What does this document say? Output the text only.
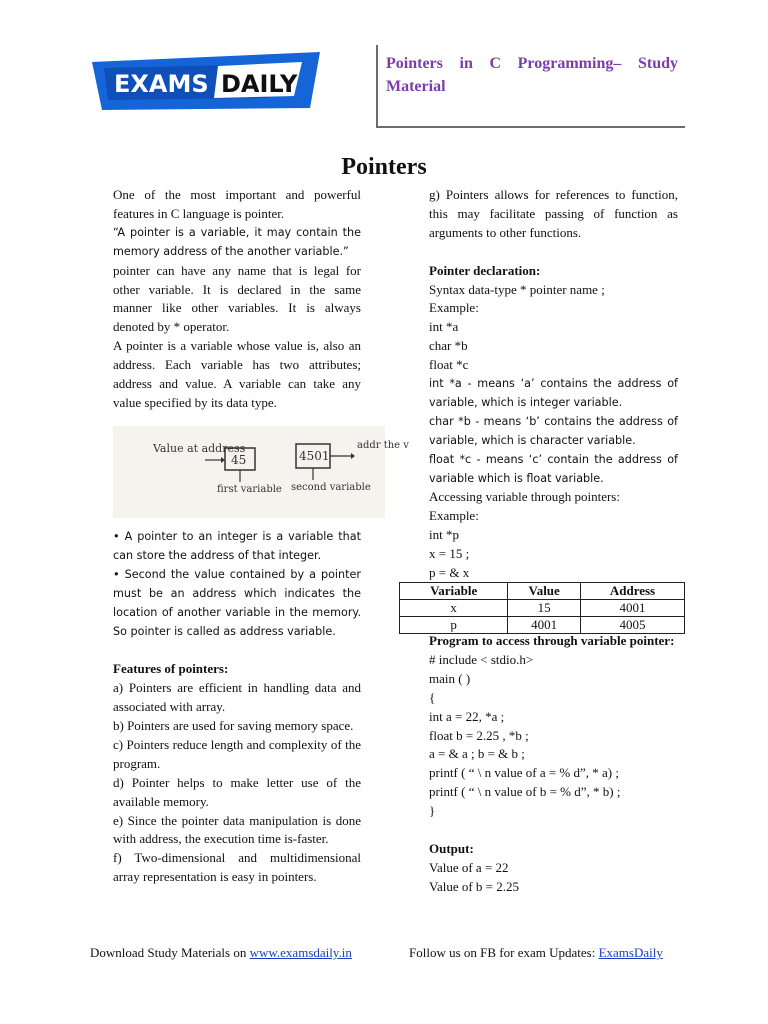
EXAMS DAILY
Pointers in C Programming– Study Material
Pointers

One of the most important and powerful features in C language is pointer.

“A pointer is a variable, it may contain the memory address of the another variable.”

pointer can have any name that is legal for other variable. It is declared in the same manner like other variables. It is always denoted by * operator.

A pointer is a variable whose value is, also an address. Each variable has two attributes; address and value. A variable can take any value specified by its data type.

Value at address
45
first variable
4501
addr the v
second variable

• A pointer to an integer is a variable that can store the address of that integer.

• Second the value contained by a pointer must be an address which indicates the location of another variable in the memory. So pointer is called as address variable.

Features of pointers:

a) Pointers are efficient in handling data and associated with array.

b) Pointers are used for saving memory space.

c) Pointers reduce length and complexity of the program.

d) Pointer helps to make letter use of the available memory.

e) Since the pointer data manipulation is done with address, the execution time is-faster.

f) Two-dimensional and multidimensional array representation is easy in pointers.

g) Pointers allows for references to function, this may facilitate passing of function as arguments to other functions.

Pointer declaration:

Syntax data-type * pointer name ;

Example:

int *a

char *b

float *c

int *a - means ‘a’ contains the address of variable, which is integer variable.

char *b - means ‘b’ contains the address of variable, which is character variable.

float *c - means ‘c’ contain the address of variable which is float variable.

Accessing variable through pointers:

Example:

int *p

x = 15 ;

p = & x

Variable	Value	Address
x	15	4001
p	4001	4005

Program to access through variable pointer:

# include < stdio.h>

main ( )

{

int a = 22, *a ;

float b = 2.25 , *b ;

a = & a ; b = & b ;

printf ( “ \ n value of a = % d”, * a) ;

printf ( “ \ n value of b = % d”, * b) ;

}

Output:

Value of a = 22

Value of b = 2.25

Download Study Materials on www.examsdaily.in	Follow us on FB for exam Updates: ExamsDaily
